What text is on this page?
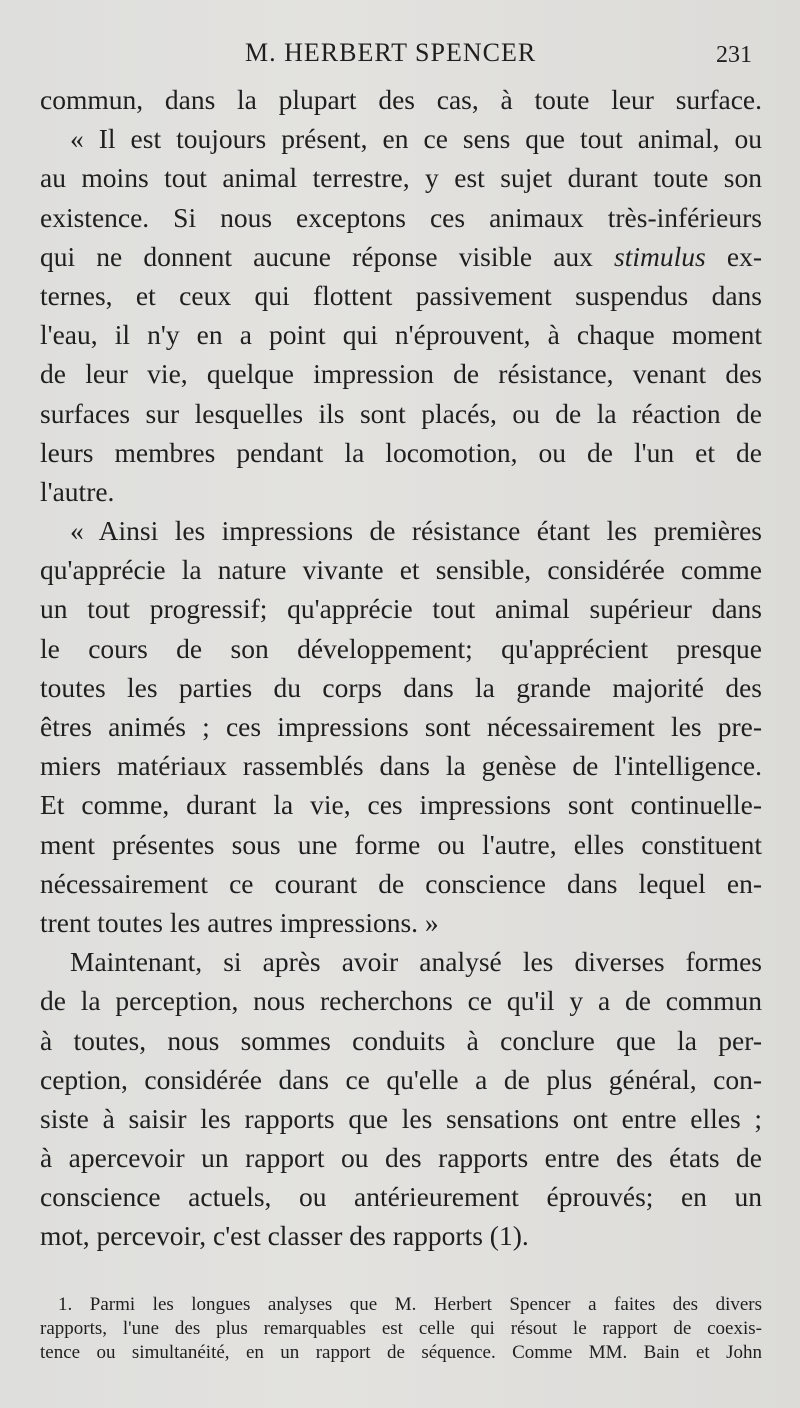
M. HERBERT SPENCER	231
commun, dans la plupart des cas, à toute leur surface.
« Il est toujours présent, en ce sens que tout animal, ou
au moins tout animal terrestre, y est sujet durant toute son
existence. Si nous exceptons ces animaux très-inférieurs
qui ne donnent aucune réponse visible aux stimulus ex-
ternes, et ceux qui flottent passivement suspendus dans
l'eau, il n'y en a point qui n'éprouvent, à chaque moment
de leur vie, quelque impression de résistance, venant des
surfaces sur lesquelles ils sont placés, ou de la réaction de
leurs membres pendant la locomotion, ou de l'un et de
l'autre.
« Ainsi les impressions de résistance étant les premières
qu'apprécie la nature vivante et sensible, considérée comme
un tout progressif; qu'apprécie tout animal supérieur dans
le cours de son développement; qu'apprécient presque
toutes les parties du corps dans la grande majorité des
êtres animés ; ces impressions sont nécessairement les pre-
miers matériaux rassemblés dans la genèse de l'intelligence.
Et comme, durant la vie, ces impressions sont continuelle-
ment présentes sous une forme ou l'autre, elles constituent
nécessairement ce courant de conscience dans lequel en-
trent toutes les autres impressions. »
Maintenant, si après avoir analysé les diverses formes
de la perception, nous recherchons ce qu'il y a de commun
à toutes, nous sommes conduits à conclure que la per-
ception, considérée dans ce qu'elle a de plus général, con-
siste à saisir les rapports que les sensations ont entre elles ;
à apercevoir un rapport ou des rapports entre des états de
conscience actuels, ou antérieurement éprouvés; en un
mot, percevoir, c'est classer des rapports (1).
1. Parmi les longues analyses que M. Herbert Spencer a faites des divers
rapports, l'une des plus remarquables est celle qui résout le rapport de coexis-
tence ou simultanéité, en un rapport de séquence. Comme MM. Bain et John
